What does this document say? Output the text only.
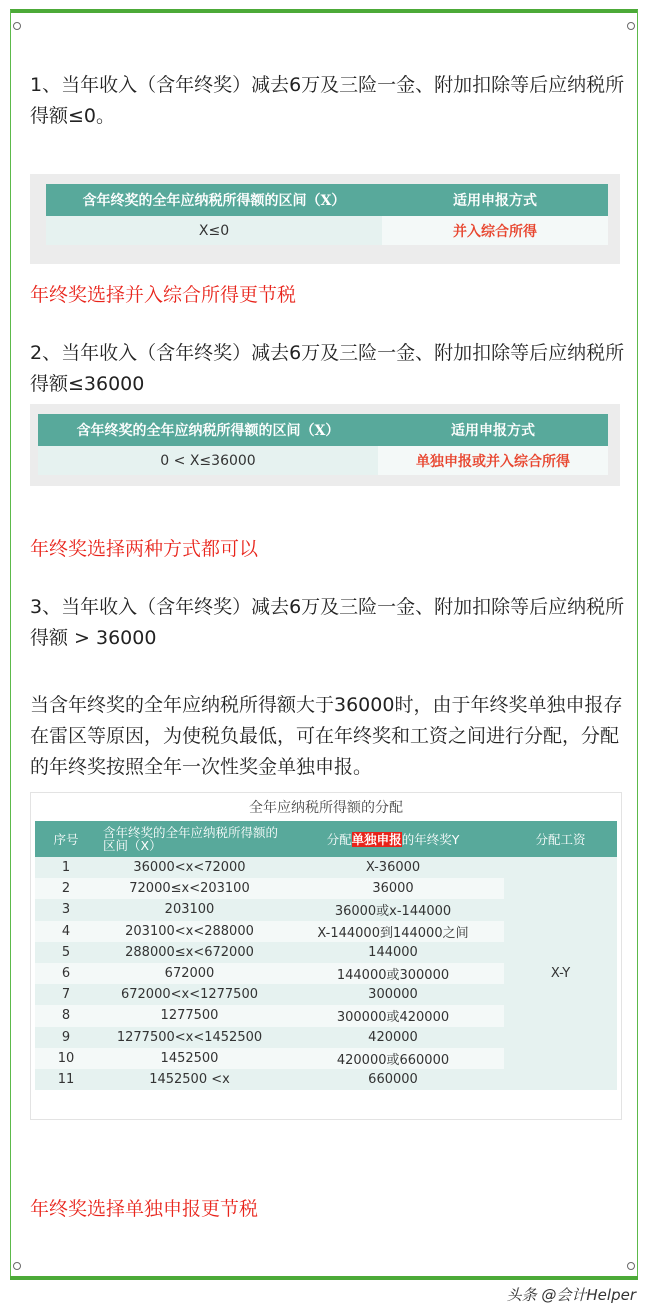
1、当年收入（含年终奖）减去6万及三险一金、附加扣除等后应纳税所得额≤0。
含年终奖的全年应纳税所得额的区间（X）	适用申报方式
X≤0	并入综合所得
年终奖选择并入综合所得更节税
2、当年收入（含年终奖）减去6万及三险一金、附加扣除等后应纳税所得额≤36000
含年终奖的全年应纳税所得额的区间（X）	适用申报方式
0 < X≤36000	单独申报或并入综合所得
年终奖选择两种方式都可以
3、当年收入（含年终奖）减去6万及三险一金、附加扣除等后应纳税所得额 > 36000
当含年终奖的全年应纳税所得额大于36000时，由于年终奖单独申报存在雷区等原因，为使税负最低，可在年终奖和工资之间进行分配，分配的年终奖按照全年一次性奖金单独申报。
全年应纳税所得额的分配
序号	含年终奖的全年应纳税所得额的区间（X）	分配单独申报的年终奖Y	分配工资
1	36000<x<72000	X-36000	X-Y
2	72000≤x<203100	36000	
3	203100	36000或x-144000	
4	203100<x<288000	X-144000到144000之间	
5	288000≤x<672000	144000	
6	672000	144000或300000	
7	672000<x<1277500	300000	
8	1277500	300000或420000	
9	1277500<x<1452500	420000	
10	1452500	420000或660000	
11	1452500 <x	660000	
年终奖选择单独申报更节税
头条 @会计Helper
